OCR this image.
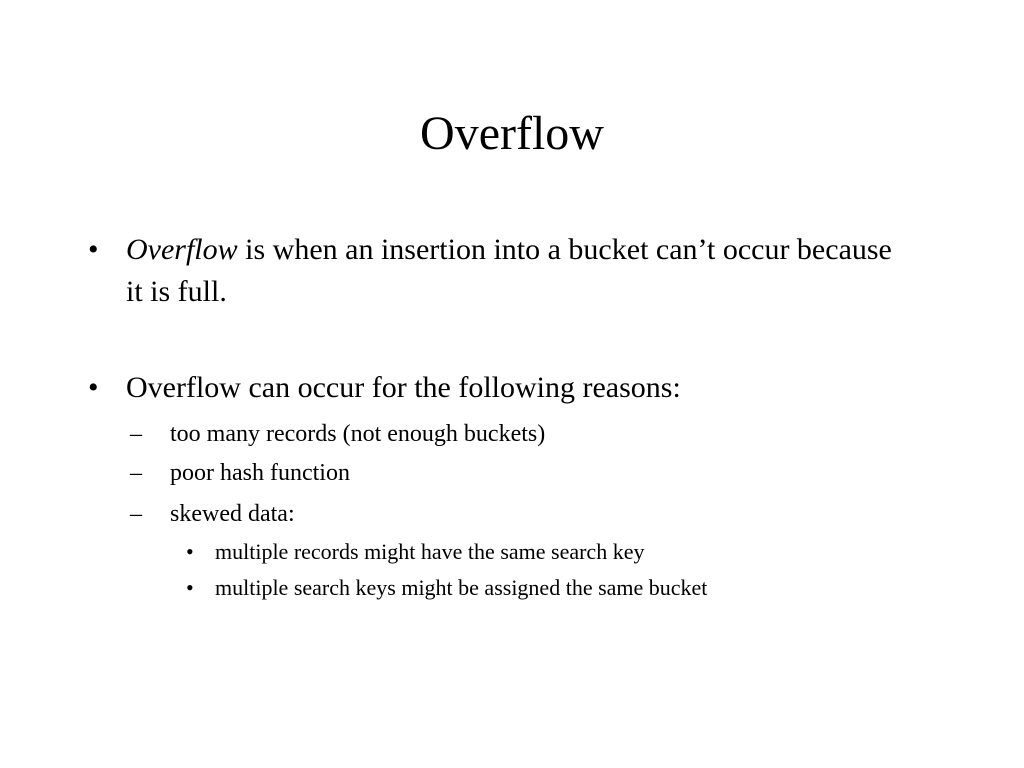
Overflow
• Overflow is when an insertion into a bucket can’t occur because it is full.
• Overflow can occur for the following reasons:
–	too many records (not enough buckets)
–	poor hash function
–	skewed data:
• multiple records might have the same search key
• multiple search keys might be assigned the same bucket
